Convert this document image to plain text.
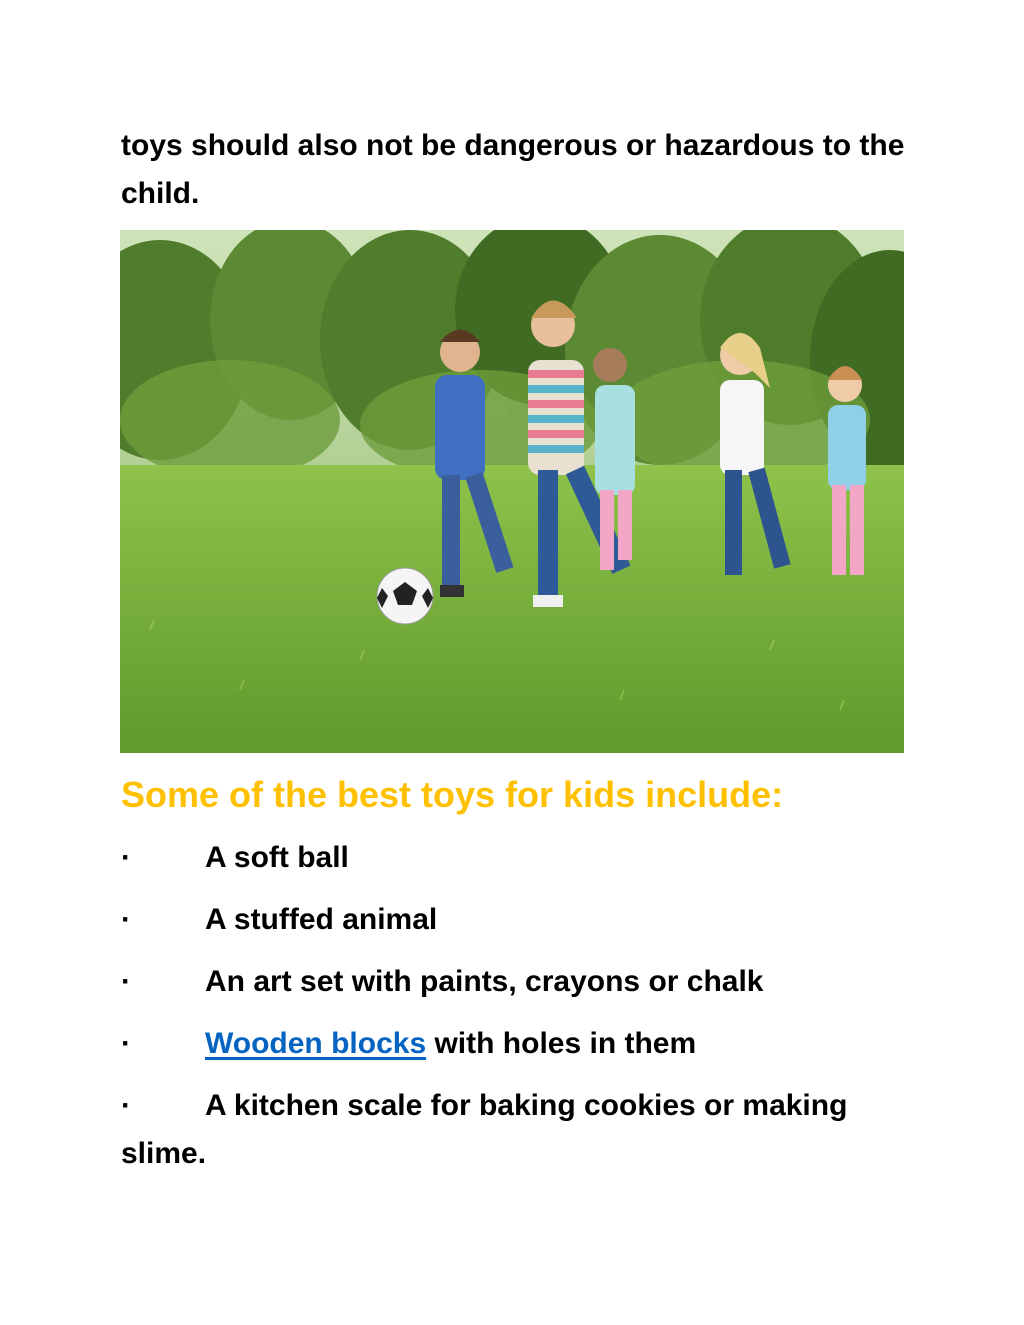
toys should also not be dangerous or hazardous to the child.

Some of the best toys for kids include:
· A soft ball
· A stuffed animal
· An art set with paints, crayons or chalk
· Wooden blocks with holes in them
· A kitchen scale for baking cookies or making slime.
